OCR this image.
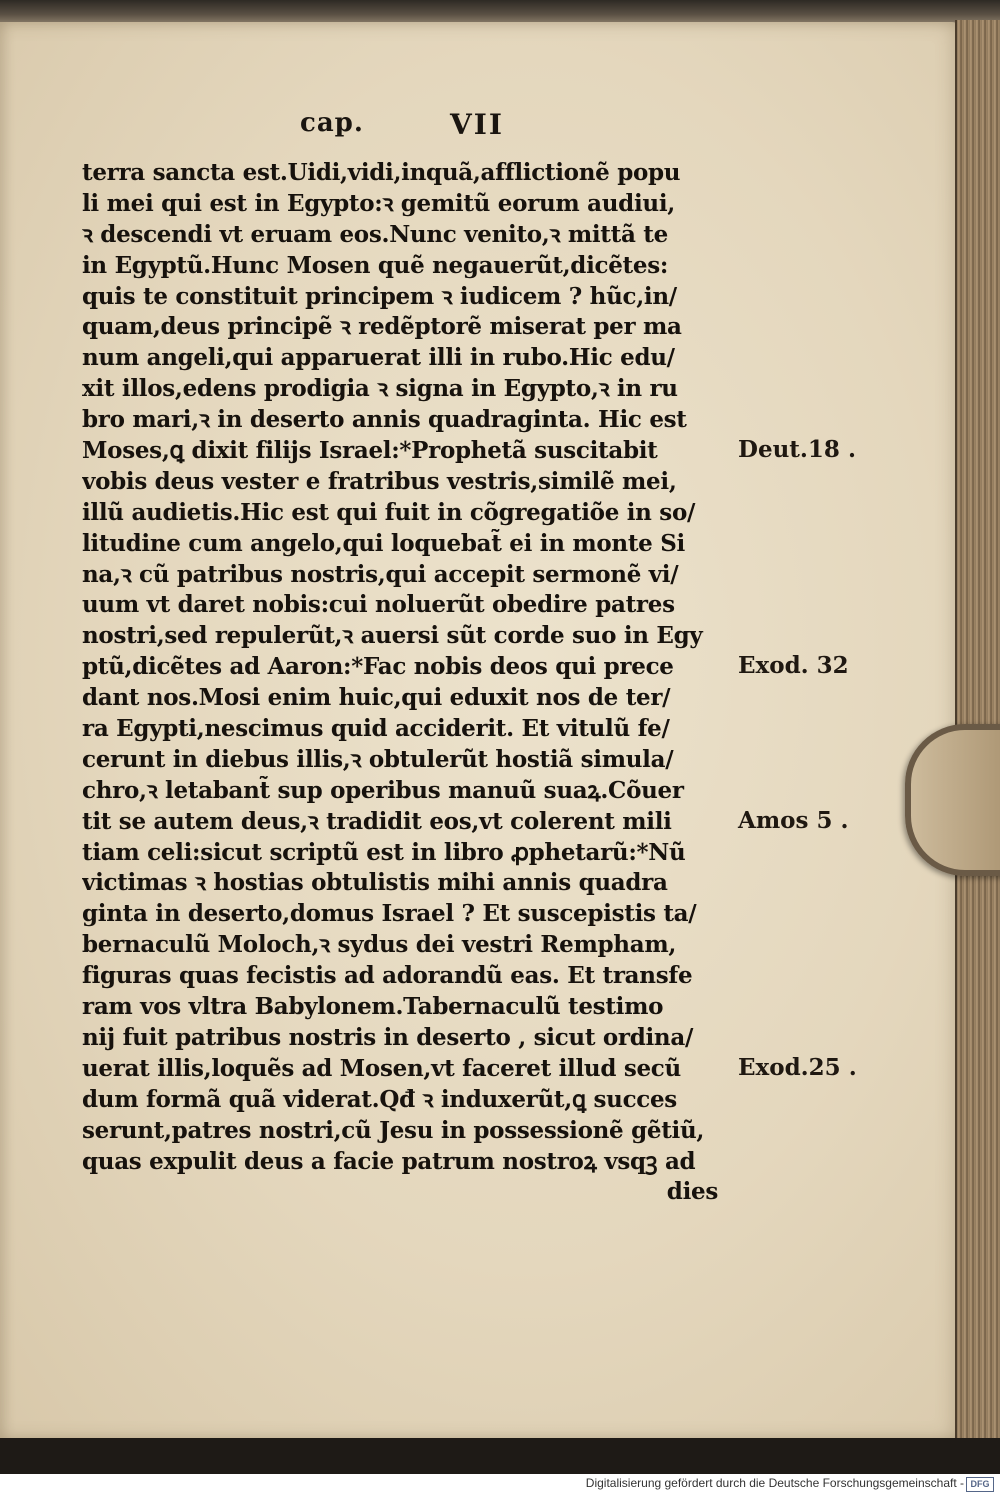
cap.	VII
terra sancta est.Uidi,vidi,inquã,afflictionẽ popu
li mei qui est in Egypto:ꝛ gemitũ eorum audiui,
ꝛ descendi vt eruam eos.Nunc venito,ꝛ mittã te
in Egyptũ.Hunc Mosen quẽ negauerũt,dicẽtes:
quis te constituit principem ꝛ iudicem ? hũc,in/
quam,deus principẽ ꝛ redẽptorẽ miserat per ma
num angeli,qui apparuerat illi in rubo.Hic edu/
xit illos,edens prodigia ꝛ signa in Egypto,ꝛ in ru
bro mari,ꝛ in deserto annis quadraginta. Hic est
Moses,ꝗ dixit filijs Israel:*Prophetã suscitabit
vobis deus vester e fratribus vestris,similẽ mei,
illũ audietis.Hic est qui fuit in cõgregatiõe in so/
litudine cum angelo,qui loquebat̃ ei in monte Si
na,ꝛ cũ patribus nostris,qui accepit sermonẽ vi/
uum vt daret nobis:cui noluerũt obedire patres
nostri,sed repulerũt,ꝛ auersi sũt corde suo in Egy
ptũ,dicẽtes ad Aaron:*Fac nobis deos qui prece
dant nos.Mosi enim huic,qui eduxit nos de ter/
ra Egypti,nescimus quid acciderit. Et vitulũ fe/
cerunt in diebus illis,ꝛ obtulerũt hostiã simula/
chro,ꝛ letabant̃ sup operibus manuũ suaꝝ.Cõuer
tit se autem deus,ꝛ tradidit eos,vt colerent mili
tiam celi:sicut scriptũ est in libro ꝓphetarũ:*Nũ
victimas ꝛ hostias obtulistis mihi annis quadra
ginta in deserto,domus Israel ? Et suscepistis ta/
bernaculũ Moloch,ꝛ sydus dei vestri Rempham,
figuras quas fecistis ad adorandũ eas. Et transfe
ram vos vltra Babylonem.Tabernaculũ testimo
nij fuit patribus nostris in deserto , sicut ordina/
uerat illis,loquẽs ad Mosen,vt faceret illud secũ
dum formã quã viderat.Qđ ꝛ induxerũt,ꝗ succes
serunt,patres nostri,cũ Jesu in possessionẽ gẽtiũ,
quas expulit deus a facie patrum nostroꝝ vsqꝫ ad
dies
Deut.18 .
Exod. 32
Amos 5 .
Exod.25 .
Digitalisierung gefördert durch die Deutsche Forschungsgemeinschaft - DFG
